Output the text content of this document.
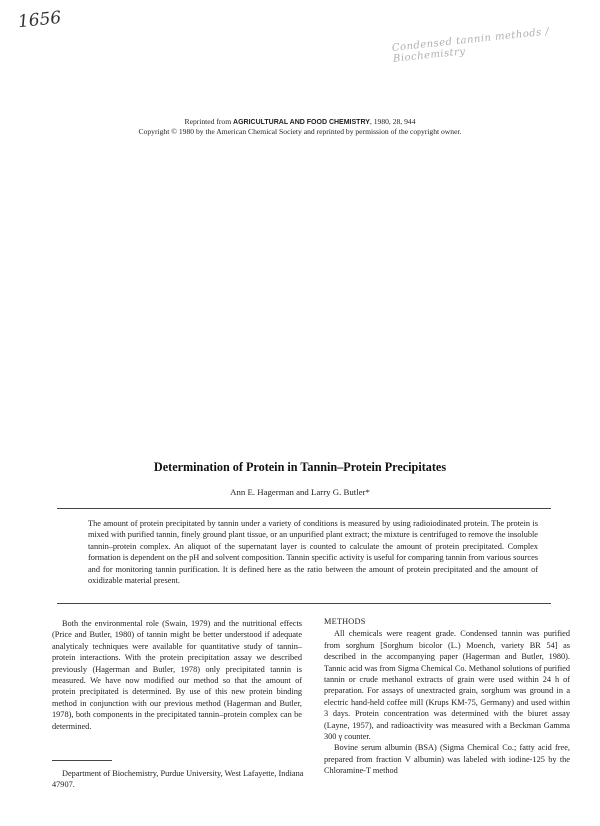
1656
Condensed tannin methods / Biochemistry
Reprinted from AGRICULTURAL AND FOOD CHEMISTRY, 1980, 28, 944
Copyright © 1980 by the American Chemical Society and reprinted by permission of the copyright owner.
Determination of Protein in Tannin–Protein Precipitates
Ann E. Hagerman and Larry G. Butler*
The amount of protein precipitated by tannin under a variety of conditions is measured by using radioiodinated protein. The protein is mixed with purified tannin, finely ground plant tissue, or an unpurified plant extract; the mixture is centrifuged to remove the insoluble tannin–protein complex. An aliquot of the supernatant layer is counted to calculate the amount of protein precipitated. Complex formation is dependent on the pH and solvent composition. Tannin specific activity is useful for comparing tannin from various sources and for monitoring tannin purification. It is defined here as the ratio between the amount of protein precipitated and the amount of oxidizable material present.

Both the environmental role (Swain, 1979) and the nutritional effects (Price and Butler, 1980) of tannin might be better understood if adequate analyticaly techniques were available for quantitative study of tannin–protein interactions. With the protein precipitation assay we described previously (Hagerman and Butler, 1978) only precipitated tannin is measured. We have now modified our method so that the amount of protein precipitated is determined. By use of this new protein binding method in conjunction with our previous method (Hagerman and Butler, 1978), both components in the precipitated tannin–protein complex can be determined.

Department of Biochemistry, Purdue University, West Lafayette, Indiana 47907.

METHODS

All chemicals were reagent grade. Condensed tannin was purified from sorghum [Sorghum bicolor (L.) Moench, variety BR 54] as described in the accompanying paper (Hagerman and Butler, 1980). Tannic acid was from Sigma Chemical Co. Methanol solutions of purified tannin or crude methanol extracts of grain were used within 24 h of preparation. For assays of unextracted grain, sorghum was ground in a electric hand-held coffee mill (Krups KM-75, Germany) and used within 3 days. Protein concentration was determined with the biuret assay (Layne, 1957), and radioactivity was measured with a Beckman Gamma 300 γ counter.

Bovine serum albumin (BSA) (Sigma Chemical Co.; fatty acid free, prepared from fraction V albumin) was labeled with iodine-125 by the Chloramine-T method
